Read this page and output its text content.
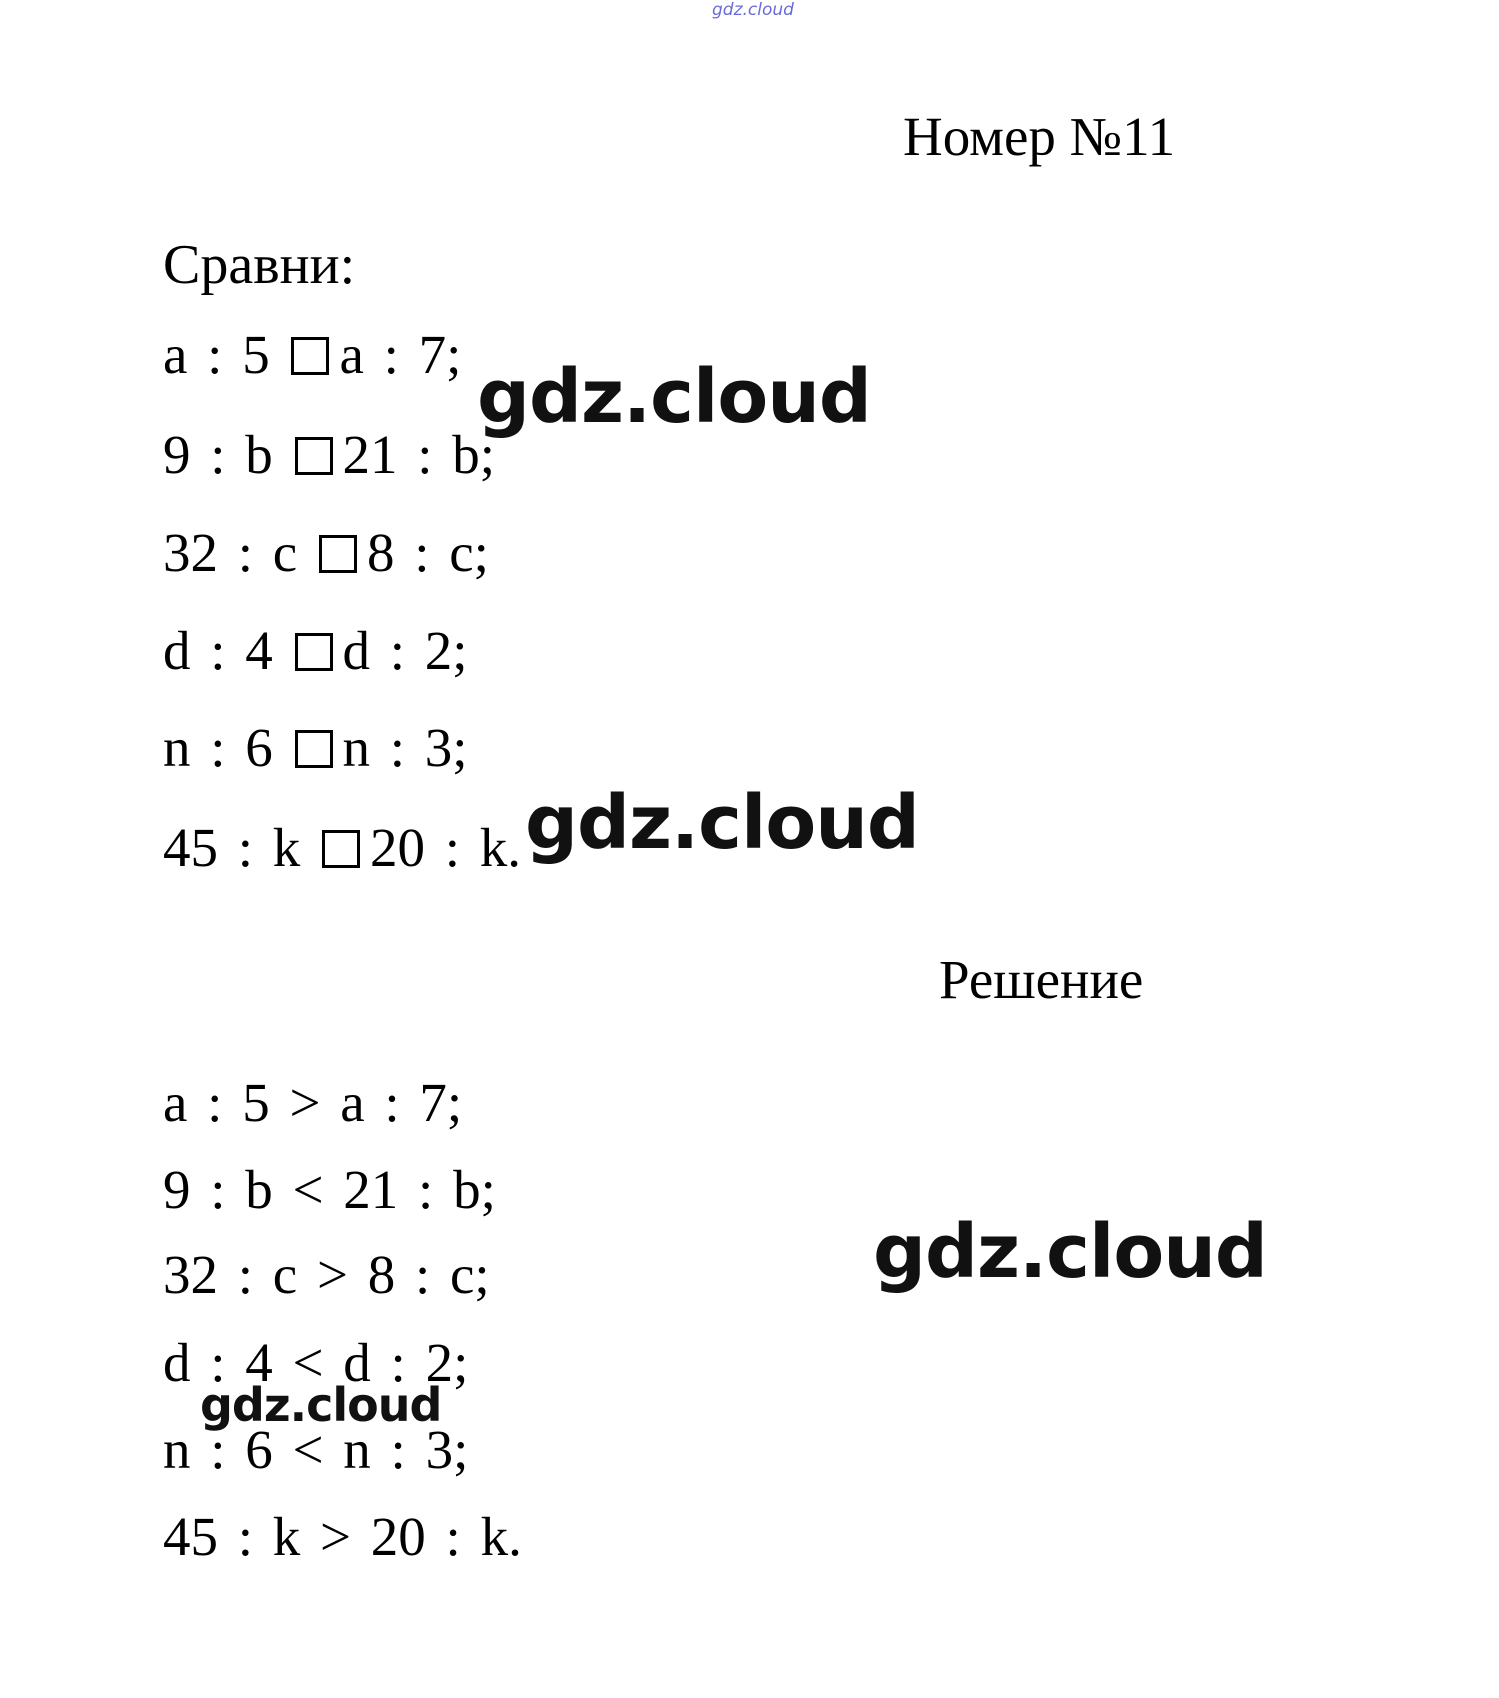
gdz.cloud
Номер №11
Сравни:
a : 5 a : 7;
9 : b 21 : b;
32 : c 8 : c;
d : 4 d : 2;
n : 6 n : 3;
45 : k 20 : k.
Решение
a : 5 > a : 7;
9 : b < 21 : b;
32 : c > 8 : c;
d : 4 < d : 2;
n : 6 < n : 3;
45 : k > 20 : k.
gdz.cloud
gdz.cloud
gdz.cloud
gdz.cloud
